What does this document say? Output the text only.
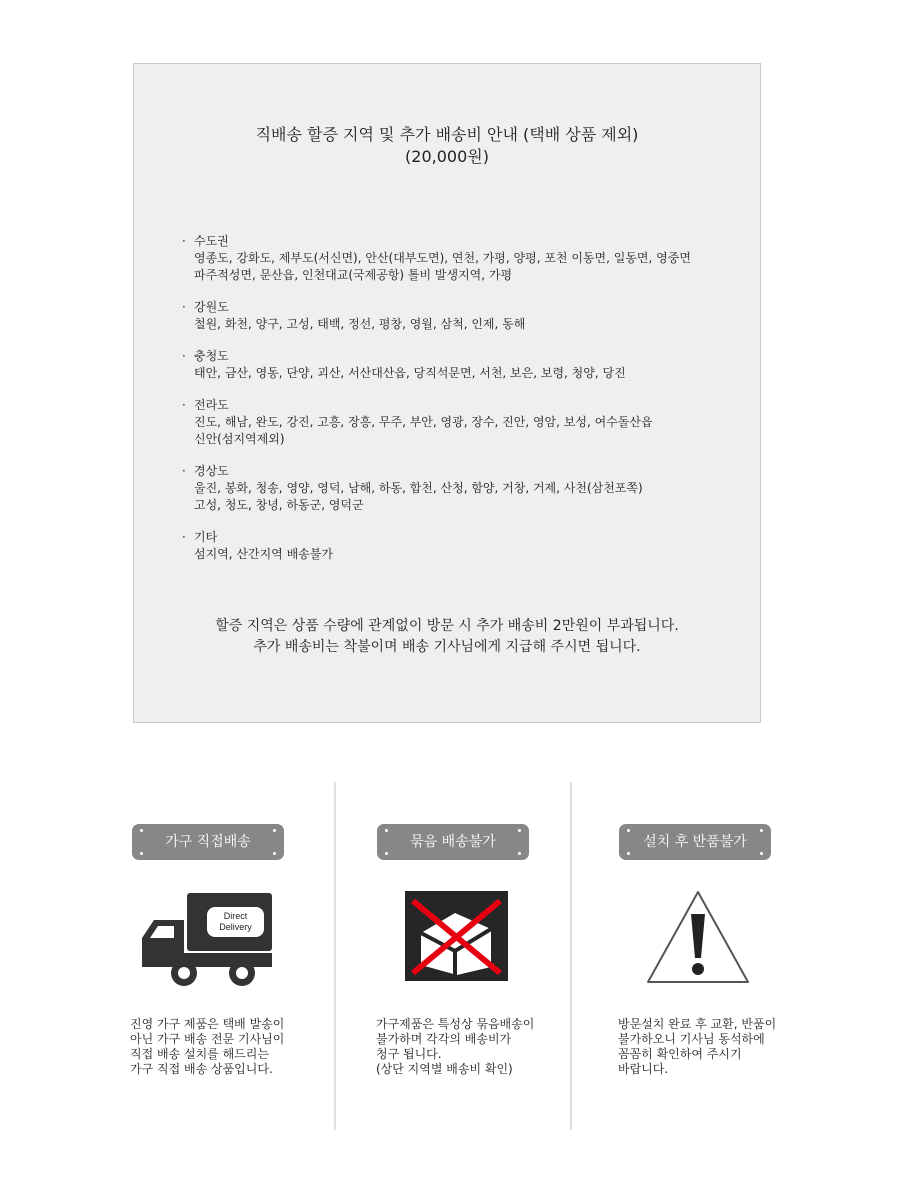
직배송 할증 지역 및 추가 배송비 안내 (택배 상품 제외)
(20,000원)
· 수도권
영종도, 강화도, 제부도(서신면), 안산(대부도면), 연천, 가평, 양평, 포천 이동면, 일동면, 영중면
파주적성면, 문산읍, 인천대교(국제공항) 톨비 발생지역, 가평
· 강원도
철원, 화천, 양구, 고성, 태백, 정선, 평창, 영월, 삼척, 인제, 동해
· 충청도
태안, 금산, 영동, 단양, 괴산, 서산대산읍, 당직석문면, 서천, 보은, 보령, 청양, 당진
· 전라도
진도, 해남, 완도, 강진, 고흥, 장흥, 무주, 부안, 영광, 장수, 진안, 영암, 보성, 여수돌산읍
신안(섬지역제외)
· 경상도
울진, 봉화, 청송, 영양, 영덕, 남해, 하동, 합천, 산청, 함양, 거창, 거제, 사천(삼천포쪽)
고성, 청도, 창녕, 하동군, 영덕군
· 기타
섬지역, 산간지역 배송불가
할증 지역은 상품 수량에 관계없이 방문 시 추가 배송비 2만원이 부과됩니다.
추가 배송비는 착불이며 배송 기사님에게 지급해 주시면 됩니다.
가구 직접배송
Direct
Delivery
진영 가구 제품은 택배 발송이
아닌 가구 배송 전문 기사님이
직접 배송 설치를 해드리는
가구 직접 배송 상품입니다.
묶음 배송불가
가구제품은 특성상 묶음배송이
불가하며 각각의 배송비가
청구 됩니다.
(상단 지역별 배송비 확인)
설치 후 반품불가
방문설치 완료 후 교환, 반품이
불가하오니 기사님 동석하에
꼼꼼히 확인하여 주시기
바랍니다.
